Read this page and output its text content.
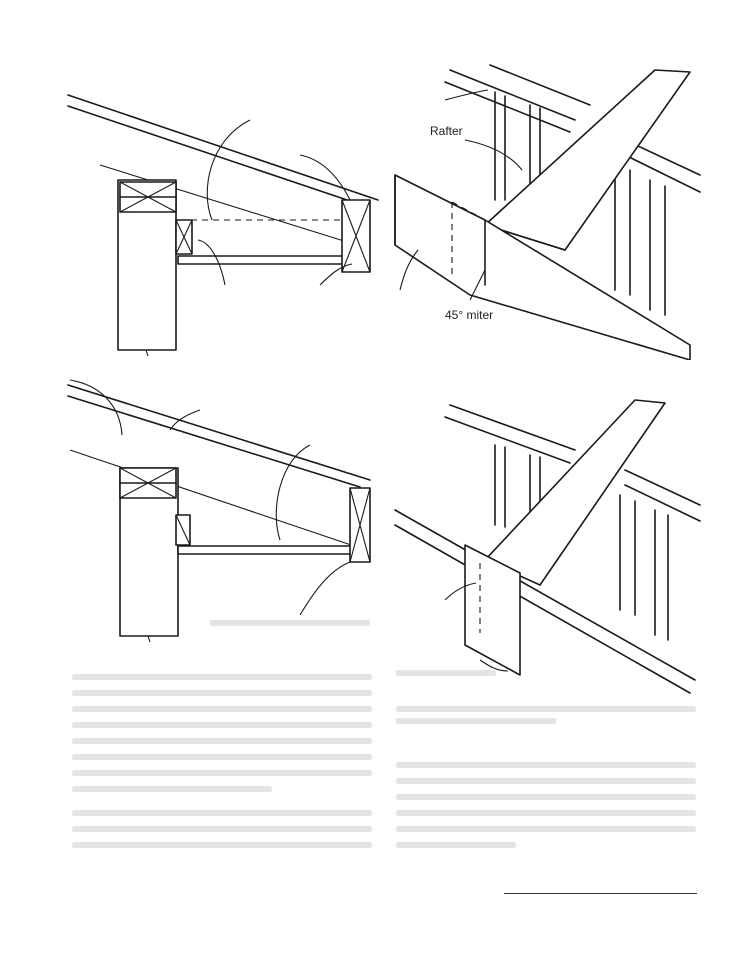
Rafter
45° miter
